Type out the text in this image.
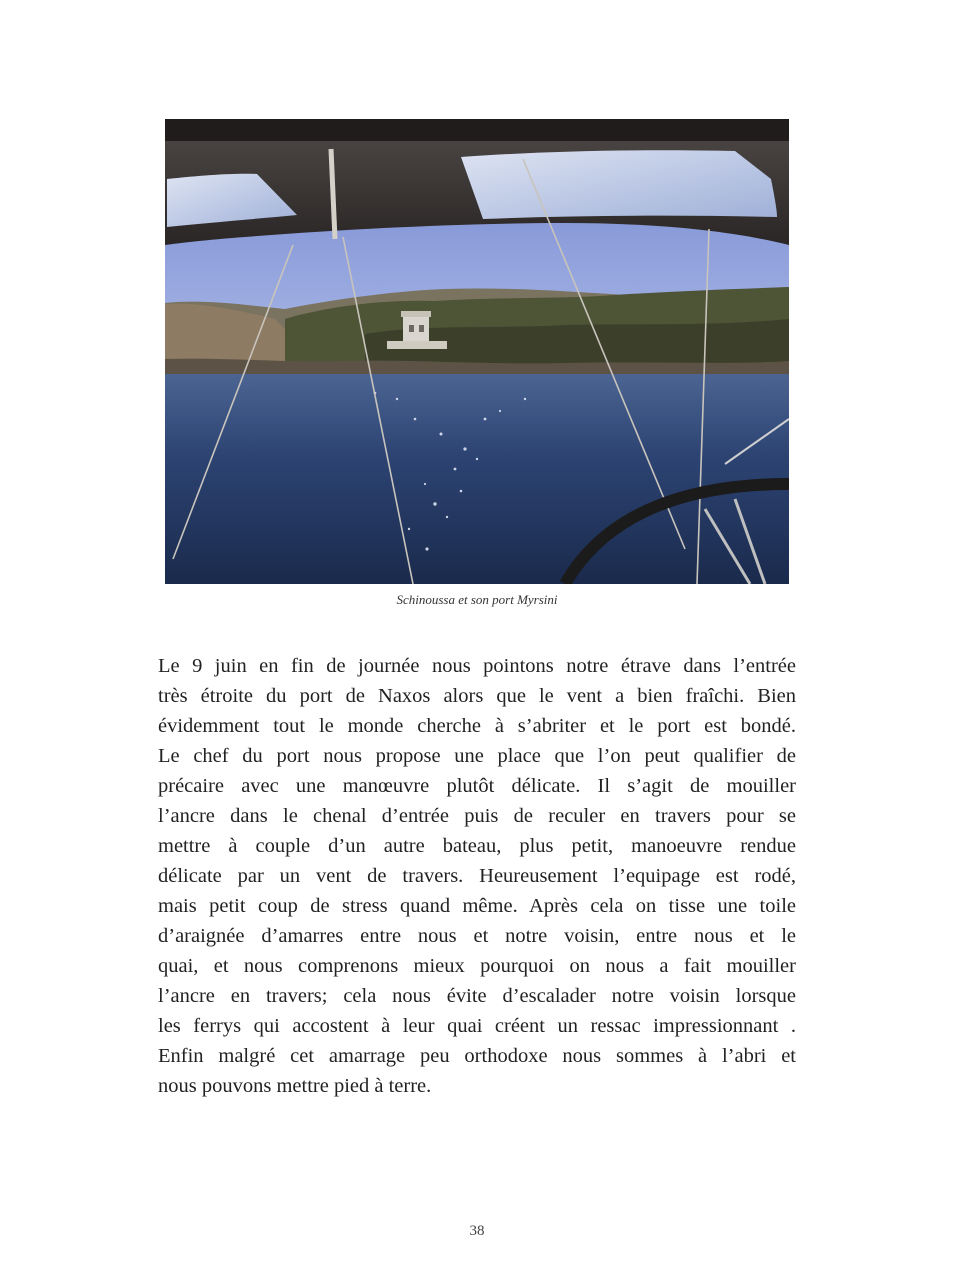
Schinoussa et son port Myrsini

Le 9 juin en fin de journée nous pointons notre étrave dans l’entrée
très étroite du port de Naxos alors que le vent a bien fraîchi. Bien
évidemment tout le monde cherche à s’abriter et le port est bondé.
Le chef du port nous propose une place que l’on peut qualifier de
précaire avec une manœuvre plutôt délicate. Il s’agit de mouiller
l’ancre dans le chenal d’entrée puis de reculer en travers pour se
mettre à couple d’un autre bateau, plus petit, manoeuvre rendue
délicate par un vent de travers. Heureusement l’equipage est rodé,
mais petit coup de stress quand même. Après cela on tisse une toile
d’araignée d’amarres entre nous et notre voisin, entre nous et le
quai, et nous comprenons mieux pourquoi on nous a fait mouiller
l’ancre en travers; cela nous évite d’escalader notre voisin lorsque
les ferrys qui accostent à leur quai créent un ressac impressionnant .
Enfin malgré cet amarrage peu orthodoxe nous sommes à l’abri et
nous pouvons mettre pied à terre.

38
